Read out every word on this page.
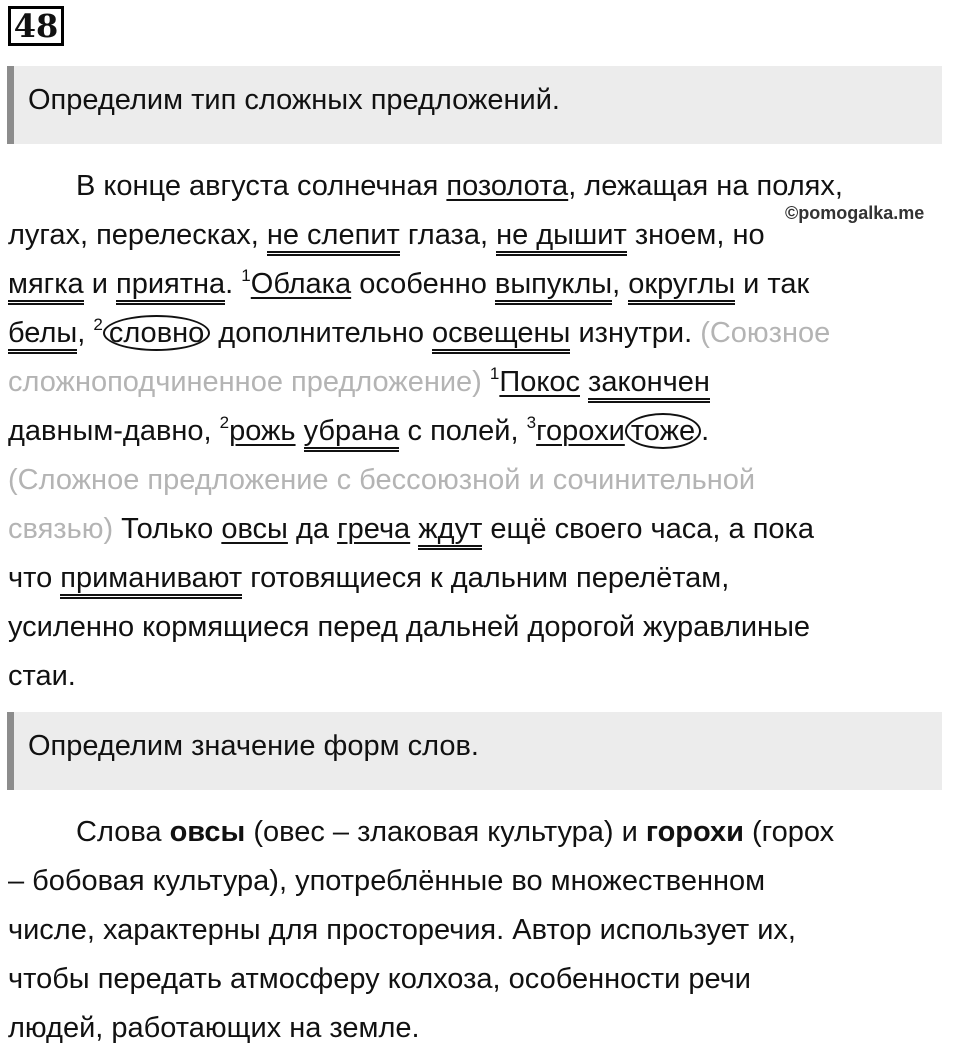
48
Определим тип сложных предложений.
©pomogalka.me
В конце августа солнечная позолота, лежащая на полях,
лугах, перелесках, не слепит глаза, не дышит зноем, но
мягка и приятна. $^1$Облака особенно выпуклы, округлы и так
белы, $^2$ словно дополнительно освещены изнутри. (Союзное
сложноподчиненное предложение) $^1$Покос закончен
давным-давно, $^2$рожь убрана с полей, $^3$горохи тоже .
(Сложное предложение с бессоюзной и сочинительной
связью) Только овсы да греча ждут ещё своего часа, а пока
что приманивают готовящиеся к дальним перелётам,
усиленно кормящиеся перед дальней дорогой журавлиные
стаи.
Определим значение форм слов.
Слова овсы (овес – злаковая культура) и горохи (горох
– бобовая культура), употреблённые во множественном
числе, характерны для просторечия. Автор использует их,
чтобы передать атмосферу колхоза, особенности речи
людей, работающих на земле.
